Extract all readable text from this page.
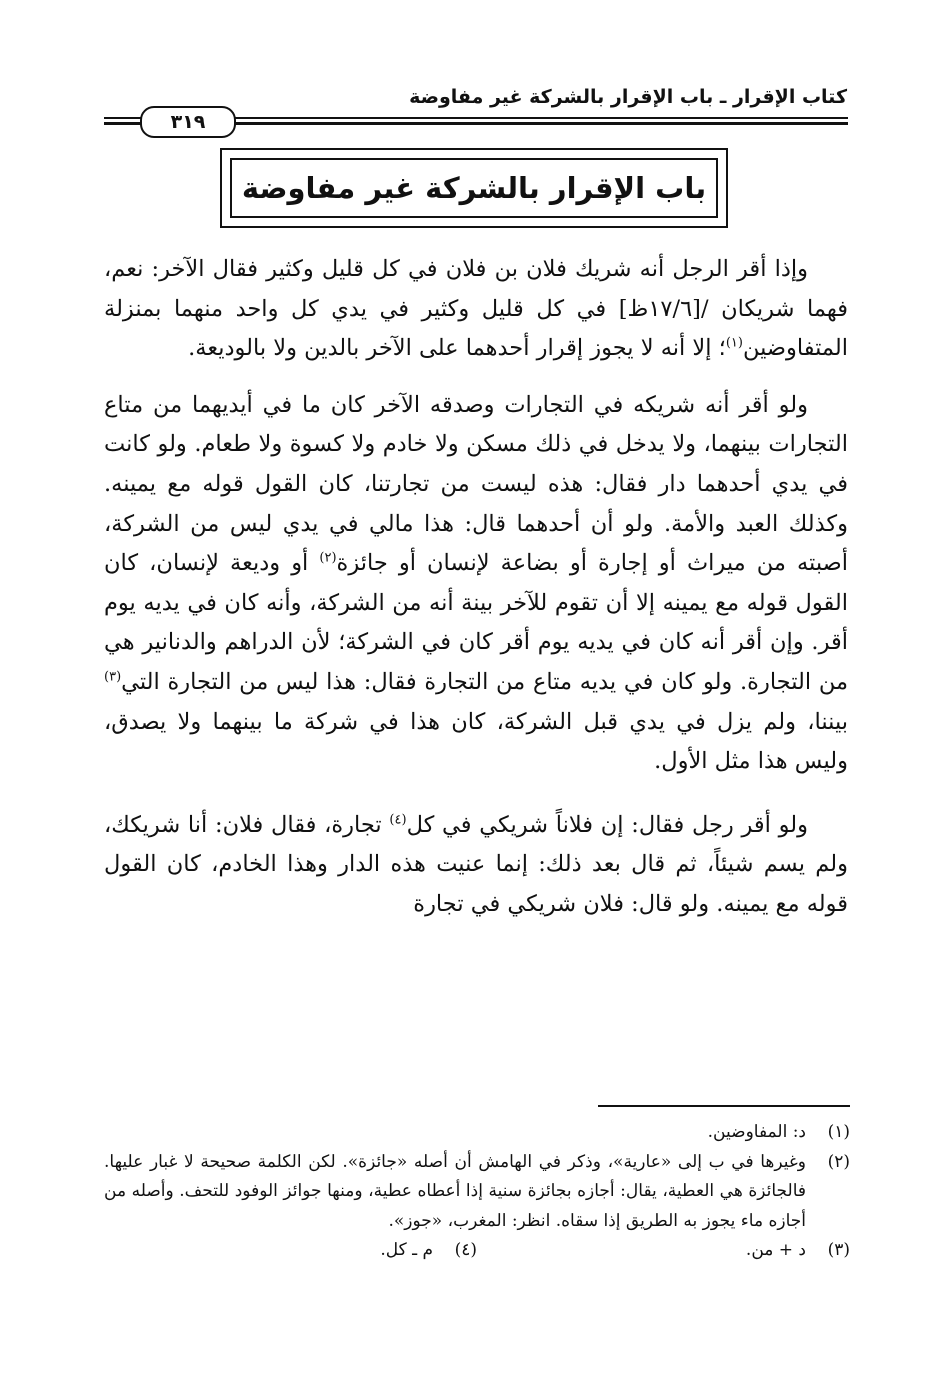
كتاب الإقرار ـ باب الإقرار بالشركة غير مفاوضة
٣١٩
باب الإقرار بالشركة غير مفاوضة

وإذا أقر الرجل أنه شريك فلان بن فلان في كل قليل وكثير فقال الآخر: نعم، فهما شريكان /[١٧/٦ظ] في كل قليل وكثير في يدي كل واحد منهما بمنزلة المتفاوضين$^{(١)}$؛ إلا أنه لا يجوز إقرار أحدهما على الآخر بالدين ولا بالوديعة.

ولو أقر أنه شريكه في التجارات وصدقه الآخر كان ما في أيديهما من متاع التجارات بينهما، ولا يدخل في ذلك مسكن ولا خادم ولا كسوة ولا طعام. ولو كانت في يدي أحدهما دار فقال: هذه ليست من تجارتنا، كان القول قوله مع يمينه. وكذلك العبد والأمة. ولو أن أحدهما قال: هذا مالي في يدي ليس من الشركة، أصبته من ميراث أو إجارة أو بضاعة لإنسان أو جائزة$^{(٢)}$ أو وديعة لإنسان، كان القول قوله مع يمينه إلا أن تقوم للآخر بينة أنه من الشركة، وأنه كان في يديه يوم أقر. وإن أقر أنه كان في يديه يوم أقر كان في الشركة؛ لأن الدراهم والدنانير هي من التجارة. ولو كان في يديه متاع من التجارة فقال: هذا ليس من التجارة التي$^{(٣)}$ بيننا، ولم يزل في يدي قبل الشركة، كان هذا في شركة ما بينهما ولا يصدق، وليس هذا مثل الأول.

ولو أقر رجل فقال: إن فلاناً شريكي في كل$^{(٤)}$ تجارة، فقال فلان: أنا شريكك، ولم يسم شيئاً، ثم قال بعد ذلك: إنما عنيت هذه الدار وهذا الخادم، كان القول قوله مع يمينه. ولو قال: فلان شريكي في تجارة

(١)
د: المفاوضين.
(٢)
وغيرها في ب إلى «عارية»، وذكر في الهامش أن أصله «جائزة». لكن الكلمة صحيحة لا غبار عليها. فالجائزة هي العطية، يقال: أجازه بجائزة سنية إذا أعطاه عطية، ومنها جوائز الوفود للتحف. وأصله من أجازه ماء يجوز به الطريق إذا سقاه. انظر: المغرب، «جوز».
(٣)
د + من.
(٤)
م ـ كل.
